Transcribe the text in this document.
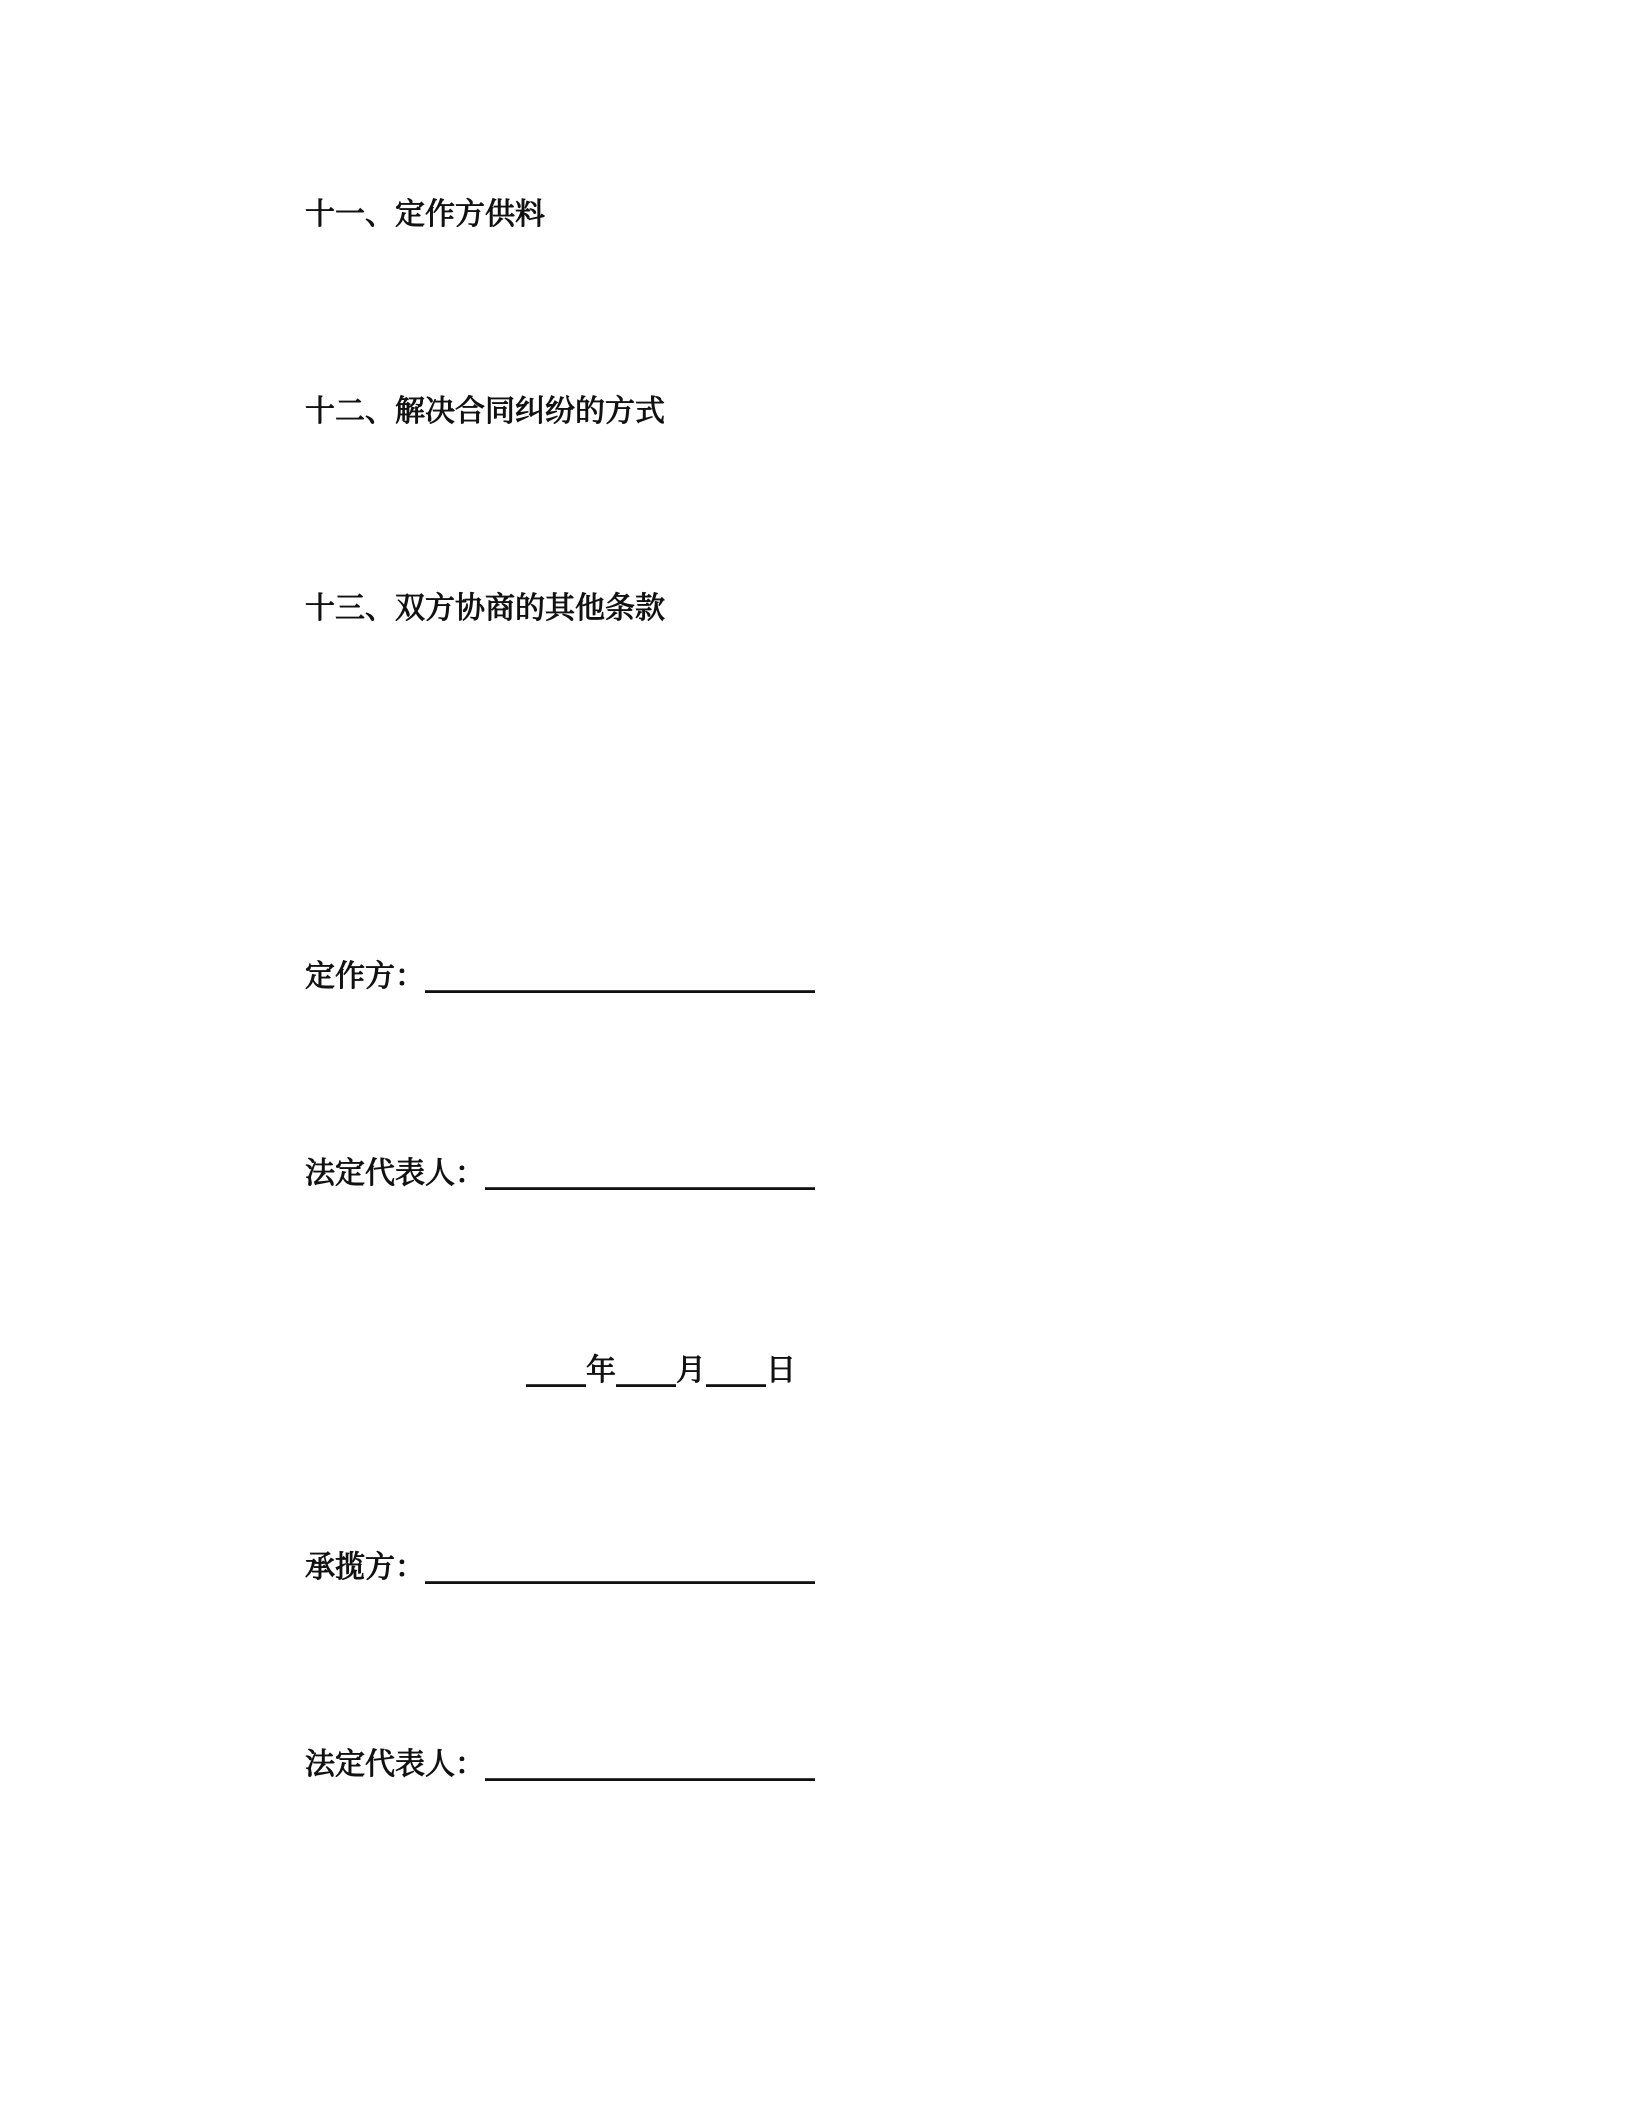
十一、定作方供料
十二、解决合同纠纷的方式
十三、双方协商的其他条款
定作方：__________________________
法定代表人：______________________
____年____月____日
承揽方：__________________________
法定代表人：______________________
